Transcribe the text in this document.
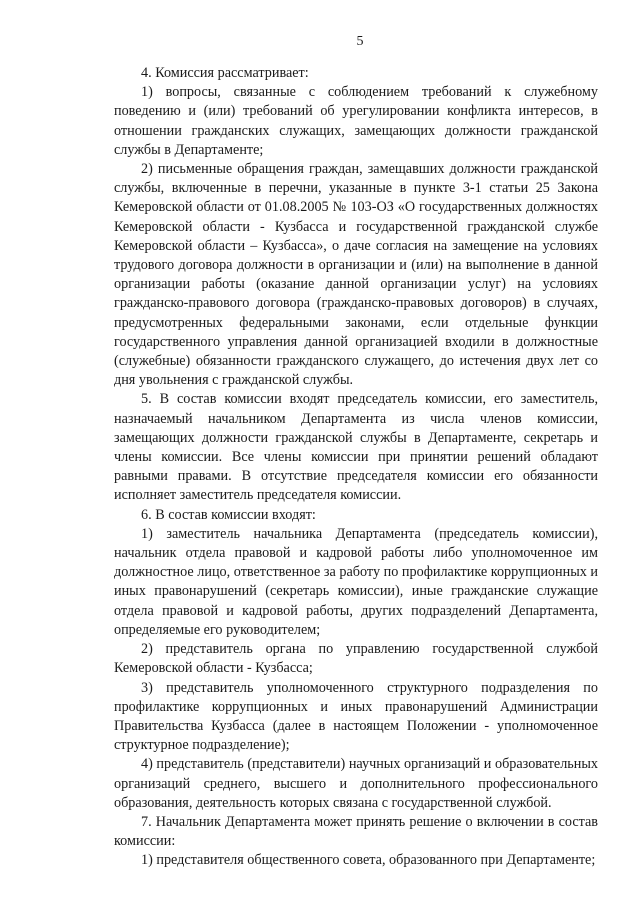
5

4. Комиссия рассматривает:

1) вопросы, связанные с соблюдением требований к служебному поведению и (или) требований об урегулировании конфликта интересов, в отношении гражданских служащих, замещающих должности гражданской службы в Департаменте;

2) письменные обращения граждан, замещавших должности гражданской службы, включенные в перечни, указанные в пункте 3-1 статьи 25 Закона Кемеровской области от 01.08.2005 № 103-ОЗ «О государственных должностях Кемеровской области - Кузбасса и государственной гражданской службе Кемеровской области – Кузбасса», о даче согласия на замещение на условиях трудового договора должности в организации и (или) на выполнение в данной организации работы (оказание данной организации услуг) на условиях гражданско-правового договора (гражданско-правовых договоров) в случаях, предусмотренных федеральными законами, если отдельные функции государственного управления данной организацией входили в должностные (служебные) обязанности гражданского служащего, до истечения двух лет со дня увольнения с гражданской службы.

5. В состав комиссии входят председатель комиссии, его заместитель, назначаемый начальником Департамента из числа членов комиссии, замещающих должности гражданской службы в Департаменте, секретарь и члены комиссии. Все члены комиссии при принятии решений обладают равными правами. В отсутствие председателя комиссии его обязанности исполняет заместитель председателя комиссии.

6. В состав комиссии входят:

1) заместитель начальника Департамента (председатель комиссии), начальник отдела правовой и кадровой работы либо уполномоченное им должностное лицо, ответственное за работу по профилактике коррупционных и иных правонарушений (секретарь комиссии), иные гражданские служащие отдела правовой и кадровой работы, других подразделений Департамента, определяемые его руководителем;

2) представитель органа по управлению государственной службой Кемеровской области - Кузбасса;

3) представитель уполномоченного структурного подразделения по профилактике коррупционных и иных правонарушений Администрации Правительства Кузбасса (далее в настоящем Положении - уполномоченное структурное подразделение);

4) представитель (представители) научных организаций и образовательных организаций среднего, высшего и дополнительного профессионального образования, деятельность которых связана с государственной службой.

7. Начальник Департамента может принять решение о включении в состав комиссии:

1) представителя общественного совета, образованного при Департаменте;
